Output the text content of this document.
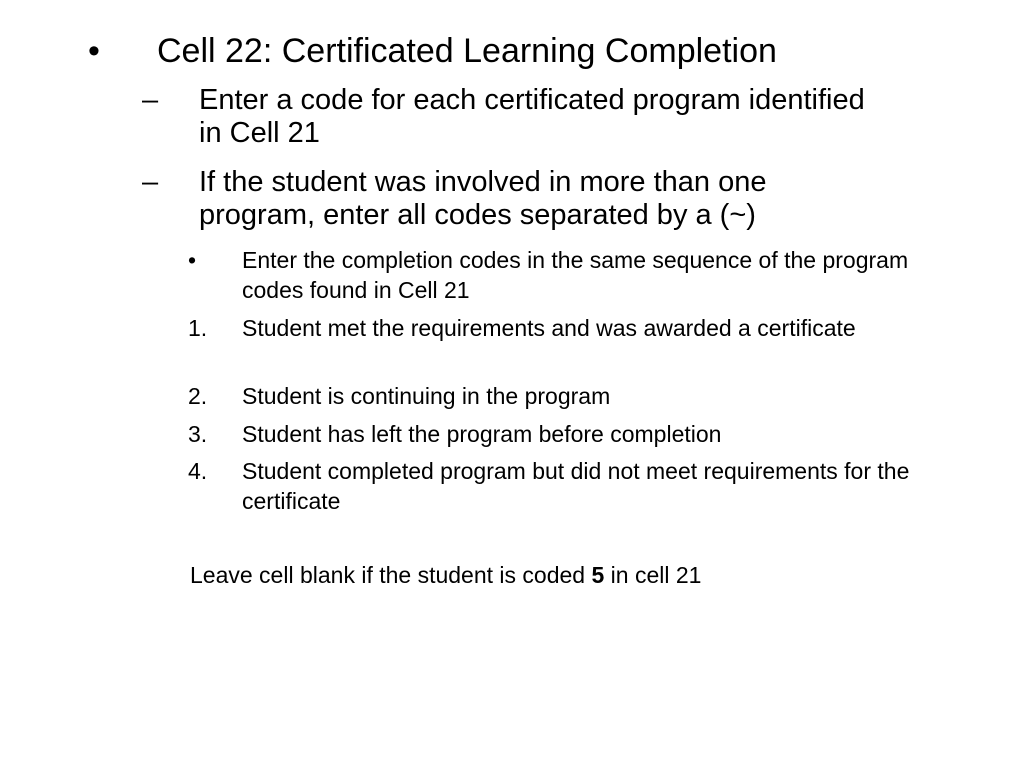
• Cell 22: Certificated Learning Completion
– Enter a code for each certificated program identified in Cell 21
– If the student was involved in more than one program, enter all codes separated by a (~)
• Enter the completion codes in the same sequence of the program codes found in Cell 21
1. Student met the requirements and was awarded a certificate
2. Student is continuing in the program
3. Student has left the program before completion
4. Student completed program but did not meet requirements for the certificate
Leave cell blank if the student is coded 5 in cell 21
